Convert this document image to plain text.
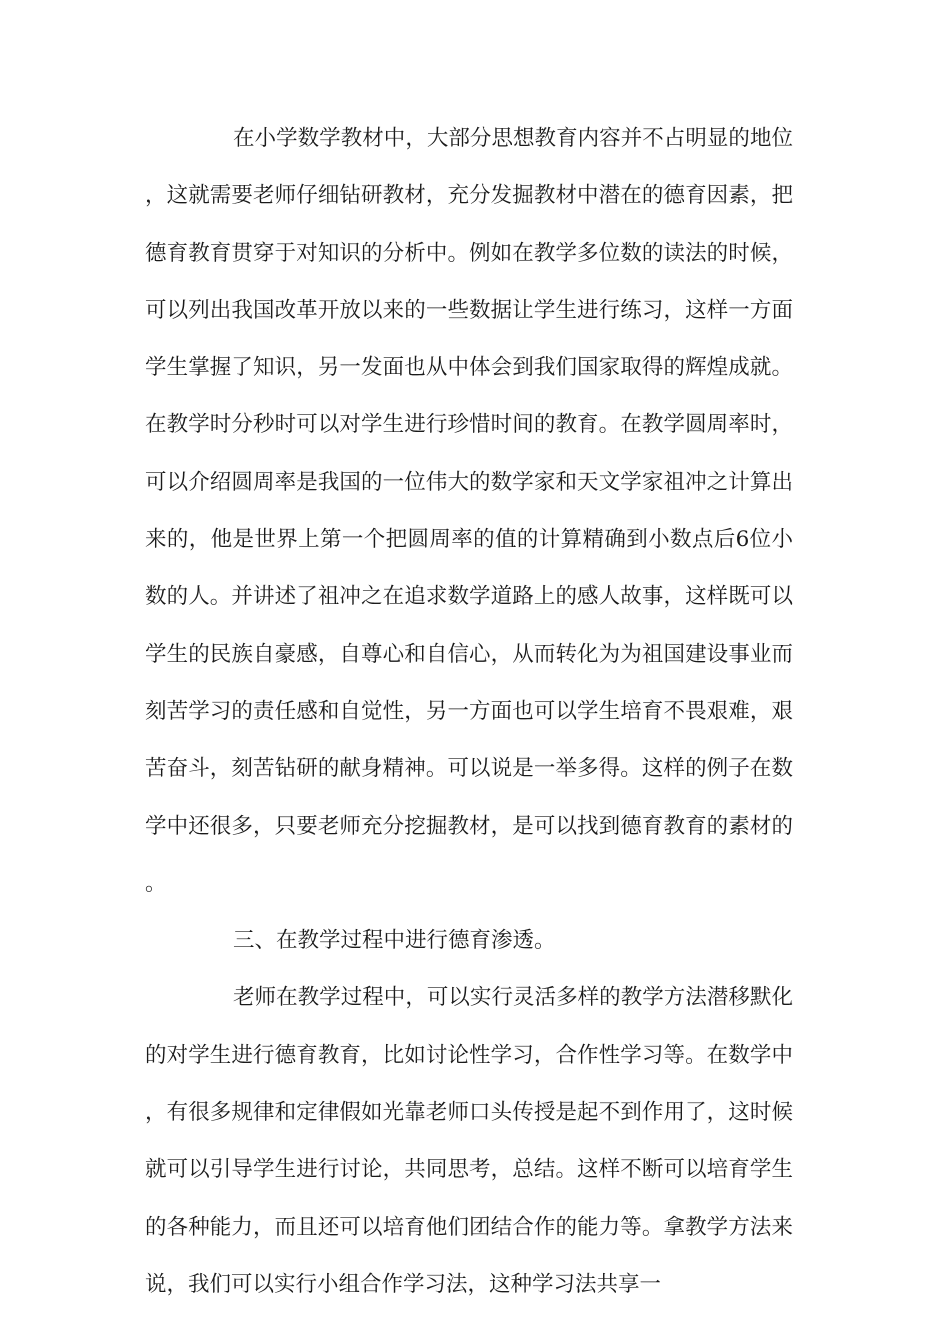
在小学数学教材中，大部分思想教育内容并不占明显的地位，这就需要老师仔细钻研教材，充分发掘教材中潜在的德育因素，把德育教育贯穿于对知识的分析中。例如在教学多位数的读法的时候，可以列出我国改革开放以来的一些数据让学生进行练习，这样一方面学生掌握了知识，另一发面也从中体会到我们国家取得的辉煌成就。在教学时分秒时可以对学生进行珍惜时间的教育。在教学圆周率时，可以介绍圆周率是我国的一位伟大的数学家和天文学家祖冲之计算出来的，他是世界上第一个把圆周率的值的计算精确到小数点后6位小数的人。并讲述了祖冲之在追求数学道路上的感人故事，这样既可以学生的民族自豪感，自尊心和自信心，从而转化为为祖国建设事业而刻苦学习的责任感和自觉性，另一方面也可以学生培育不畏艰难，艰苦奋斗，刻苦钻研的献身精神。可以说是一举多得。这样的例子在数学中还很多，只要老师充分挖掘教材，是可以找到德育教育的素材的。

三、在教学过程中进行德育渗透。

老师在教学过程中，可以实行灵活多样的教学方法潜移默化的对学生进行德育教育，比如讨论性学习，合作性学习等。在数学中，有很多规律和定律假如光靠老师口头传授是起不到作用了，这时候就可以引导学生进行讨论，共同思考，总结。这样不断可以培育学生的各种能力，而且还可以培育他们团结合作的能力等。拿教学方法来说，我们可以实行小组合作学习法，这种学习法共享一
